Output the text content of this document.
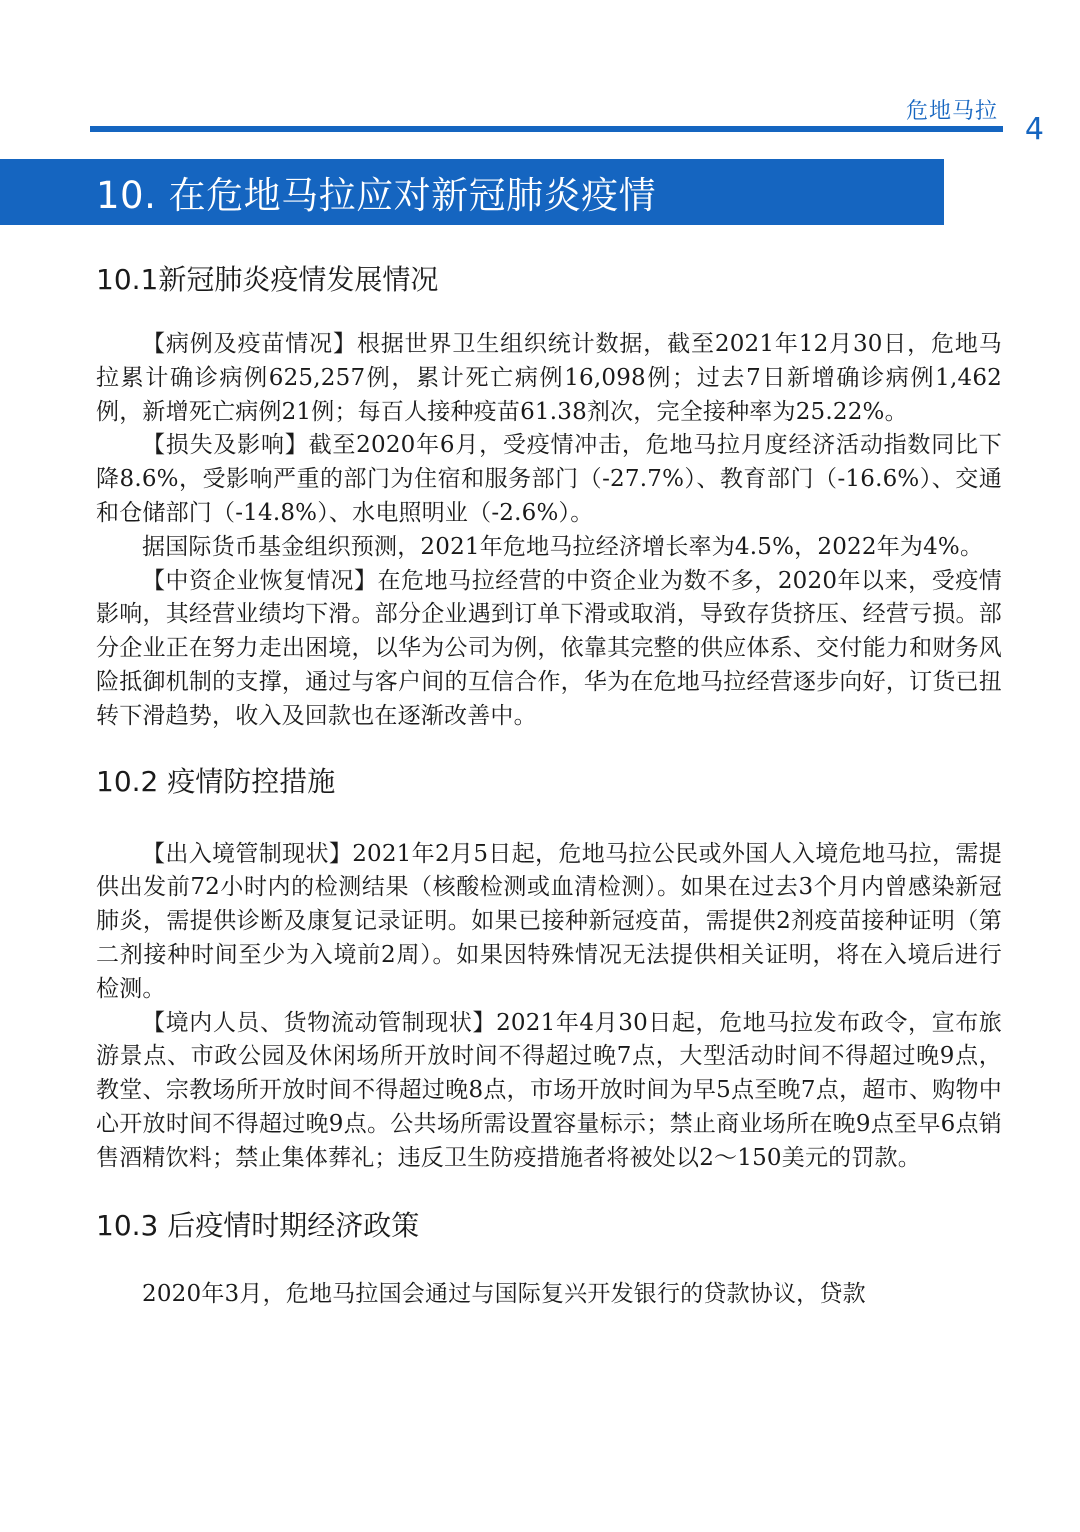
危地马拉
4
10. 在危地马拉应对新冠肺炎疫情
10.1新冠肺炎疫情发展情况

【病例及疫苗情况】根据世界卫生组织统计数据，截至2021年12月30日，危地马拉累计确诊病例625,257例，累计死亡病例16,098例；过去7日新增确诊病例1,462例，新增死亡病例21例；每百人接种疫苗61.38剂次，完全接种率为25.22%。

【损失及影响】截至2020年6月，受疫情冲击，危地马拉月度经济活动指数同比下降8.6%，受影响严重的部门为住宿和服务部门（-27.7%）、教育部门（-16.6%）、交通和仓储部门（-14.8%）、水电照明业（-2.6%）。

据国际货币基金组织预测，2021年危地马拉经济增长率为4.5%，2022年为4%。

【中资企业恢复情况】在危地马拉经营的中资企业为数不多，2020年以来，受疫情影响，其经营业绩均下滑。部分企业遇到订单下滑或取消，导致存货挤压、经营亏损。部分企业正在努力走出困境，以华为公司为例，依靠其完整的供应体系、交付能力和财务风险抵御机制的支撑，通过与客户间的互信合作，华为在危地马拉经营逐步向好，订货已扭转下滑趋势，收入及回款也在逐渐改善中。

10.2 疫情防控措施

【出入境管制现状】2021年2月5日起，危地马拉公民或外国人入境危地马拉，需提供出发前72小时内的检测结果（核酸检测或血清检测）。如果在过去3个月内曾感染新冠肺炎，需提供诊断及康复记录证明。如果已接种新冠疫苗，需提供2剂疫苗接种证明（第二剂接种时间至少为入境前2周）。如果因特殊情况无法提供相关证明，将在入境后进行检测。

【境内人员、货物流动管制现状】2021年4月30日起，危地马拉发布政令，宣布旅游景点、市政公园及休闲场所开放时间不得超过晚7点，大型活动时间不得超过晚9点，教堂、宗教场所开放时间不得超过晚8点，市场开放时间为早5点至晚7点，超市、购物中心开放时间不得超过晚9点。公共场所需设置容量标示；禁止商业场所在晚9点至早6点销售酒精饮料；禁止集体葬礼；违反卫生防疫措施者将被处以2～150美元的罚款。

10.3 后疫情时期经济政策

2020年3月，危地马拉国会通过与国际复兴开发银行的贷款协议，贷款
